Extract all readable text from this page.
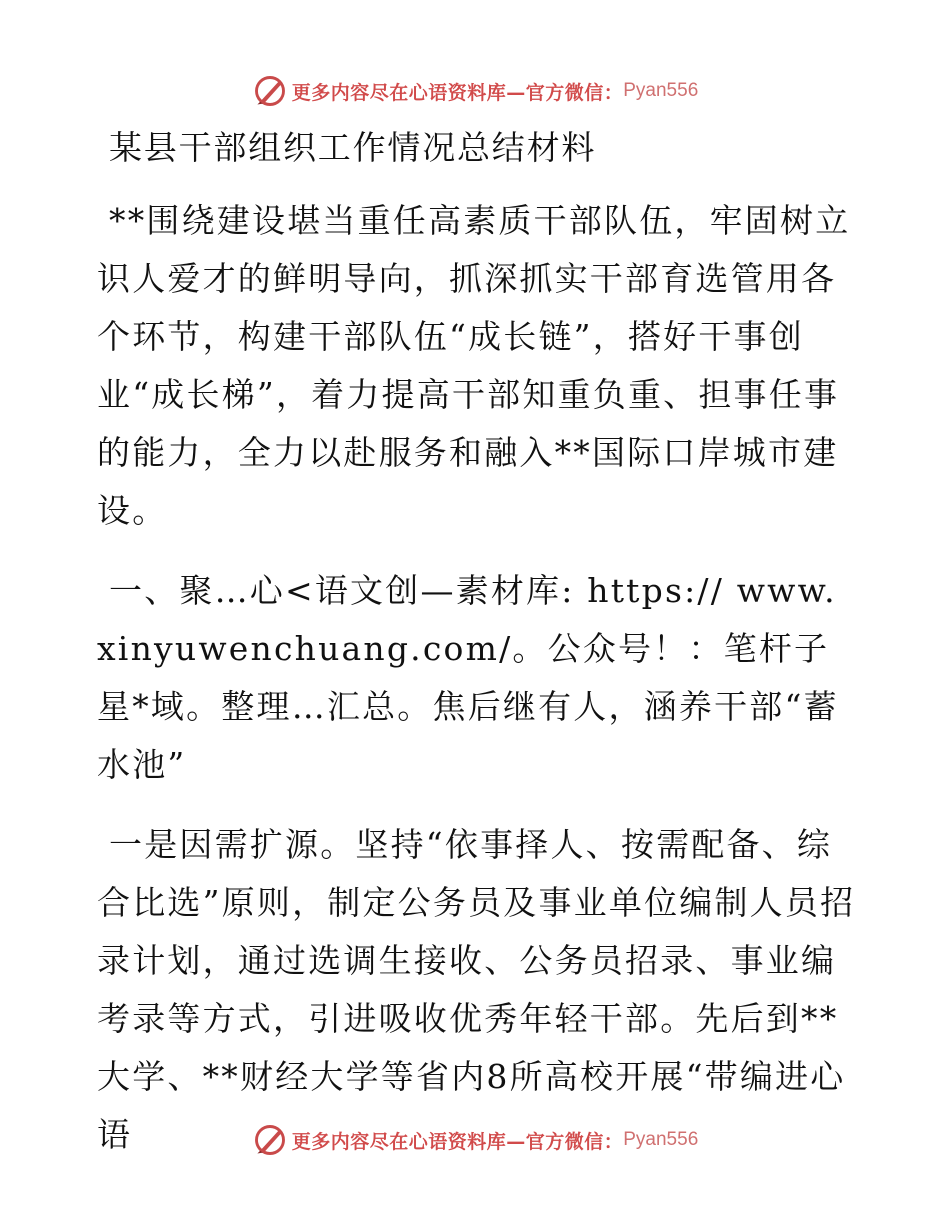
更多内容尽在心语资料库—官方微信： Pyan556
某县干部组织工作情况总结材料

**围绕建设堪当重任高素质干部队伍，牢固树立识人爱才的鲜明导向，抓深抓实干部育选管用各个环节，构建干部队伍“成长链”，搭好干事创业“成长梯”，着力提高干部知重负重、担事任事的能力，全力以赴服务和融入**国际口岸城市建设。

一、聚…心<语文创—素材库: https:// www.xinyuwenchuang.com/。公众号！：笔杆子星*域。整理…汇总。焦后继有人，涵养干部“蓄水池”

一是因需扩源。坚持“依事择人、按需配备、综合比选”原则，制定公务员及事业单位编制人员招录计划，通过选调生接收、公务员招录、事业编考录等方式，引进吸收优秀年轻干部。先后到**大学、**财经大学等省内8所高校开展“带编进心语	更多内容尽在心语资料库—官方微信： Pyan556
